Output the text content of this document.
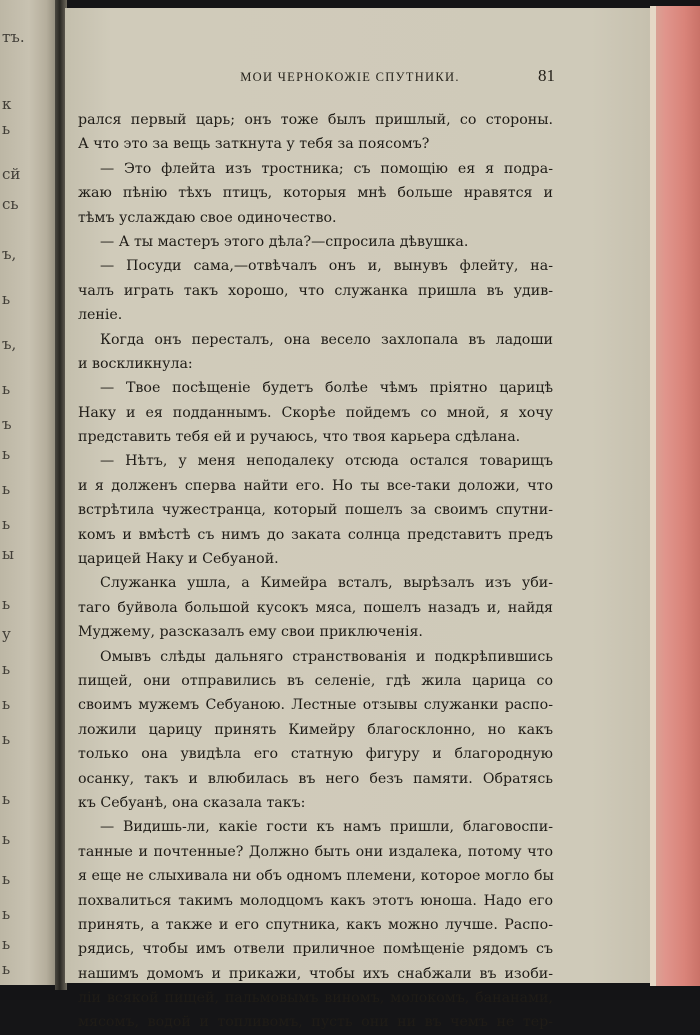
тъ.
к
ь
сй
сь
ъ,
ь
ъ,
ь
ъ
ь
ь
ь
ы
ь
у
ь
ь
ь
ь
ь
ь
ь
ь
ь
МОИ ЧЕРНОКОЖІЕ СПУТНИКИ.	81
рался первый царь; онъ тоже былъ пришлый, со стороны.
А что это за вещь заткнута у тебя за поясомъ?
— Это флейта изъ тростника; съ помощію ея я подра-
жаю пѣнію тѣхъ птицъ, которыя мнѣ больше нравятся и
тѣмъ услаждаю свое одиночество.
— А ты мастеръ этого дѣла?—спросила дѣвушка.
— Посуди сама,—отвѣчалъ онъ и, вынувъ флейту, на-
чалъ играть такъ хорошо, что служанка пришла въ удив-
леніе.
Когда онъ пересталъ, она весело захлопала въ ладоши
и воскликнула:
— Твое посѣщеніе будетъ болѣе чѣмъ пріятно царицѣ
Наку и ея подданнымъ. Скорѣе пойдемъ со мной, я хочу
представить тебя ей и ручаюсь, что твоя карьера сдѣлана.
— Нѣтъ, у меня неподалеку отсюда остался товарищъ
и я долженъ сперва найти его. Но ты все-таки доложи, что
встрѣтила чужестранца, который пошелъ за своимъ спутни-
комъ и вмѣстѣ съ нимъ до заката солнца представитъ предъ
царицей Наку и Себуаной.
Служанка ушла, а Кимейра всталъ, вырѣзалъ изъ уби-
таго буйвола большой кусокъ мяса, пошелъ назадъ и, найдя
Муджему, разсказалъ ему свои приключенія.
Омывъ слѣды дальняго странствованія и подкрѣпившись
пищей, они отправились въ селеніе, гдѣ жила царица со
своимъ мужемъ Себуаною. Лестные отзывы служанки распо-
ложили царицу принять Кимейру благосклонно, но какъ
только она увидѣла его статную фигуру и благородную
осанку, такъ и влюбилась въ него безъ памяти. Обратясь
къ Себуанѣ, она сказала такъ:
— Видишь-ли, какіе гости къ намъ пришли, благовоспи-
танные и почтенные? Должно быть они издалека, потому что
я еще не слыхивала ни объ одномъ племени, которое могло бы
похвалиться такимъ молодцомъ какъ этотъ юноша. Надо его
принять, а также и его спутника, какъ можно лучше. Распо-
рядись, чтобы имъ отвели приличное помѣщеніе рядомъ съ
нашимъ домомъ и прикажи, чтобы ихъ снабжали въ изоби-
ліи всякой пищей, пальмовымъ виномъ, молокомъ, бананами,
мясомъ, водой и топливомъ, пусть они ни въ чемъ не тер-
